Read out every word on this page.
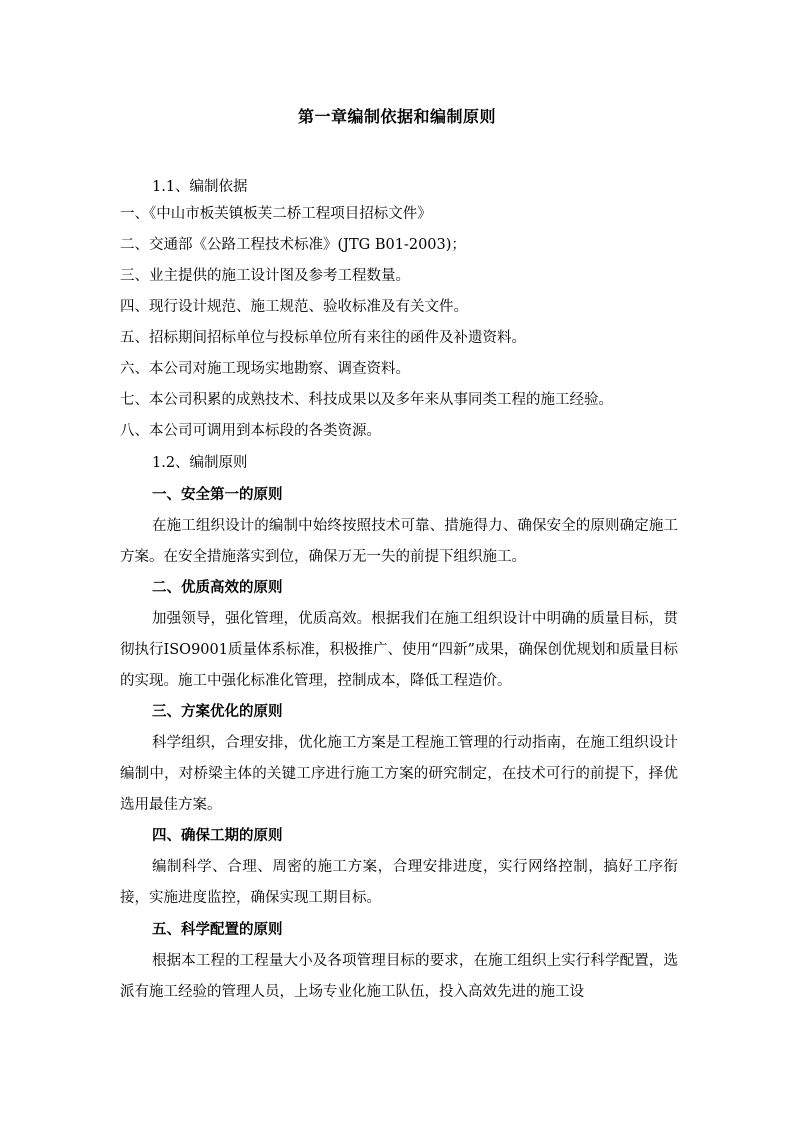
第一章编制依据和编制原则
1.1、编制依据
一、《中山市板芙镇板芙二桥工程项目招标文件》
二、交通部《公路工程技术标准》(JTG B01-2003)；
三、业主提供的施工设计图及参考工程数量。
四、现行设计规范、施工规范、验收标准及有关文件。
五、招标期间招标单位与投标单位所有来往的函件及补遗资料。
六、本公司对施工现场实地勘察、调查资料。
七、本公司积累的成熟技术、科技成果以及多年来从事同类工程的施工经验。
八、本公司可调用到本标段的各类资源。
1.2、编制原则
一、安全第一的原则
在施工组织设计的编制中始终按照技术可靠、措施得力、确保安全的原则确定施工方案。在安全措施落实到位，确保万无一失的前提下组织施工。
二、优质高效的原则
加强领导，强化管理，优质高效。根据我们在施工组织设计中明确的质量目标，贯彻执行ISO9001质量体系标准，积极推广、使用“四新”成果，确保创优规划和质量目标的实现。施工中强化标准化管理，控制成本，降低工程造价。
三、方案优化的原则
科学组织，合理安排，优化施工方案是工程施工管理的行动指南，在施工组织设计编制中，对桥梁主体的关键工序进行施工方案的研究制定，在技术可行的前提下，择优选用最佳方案。
四、确保工期的原则
编制科学、合理、周密的施工方案，合理安排进度，实行网络控制，搞好工序衔接，实施进度监控，确保实现工期目标。
五、科学配置的原则
根据本工程的工程量大小及各项管理目标的要求，在施工组织上实行科学配置，选派有施工经验的管理人员，上场专业化施工队伍，投入高效先进的施工设
